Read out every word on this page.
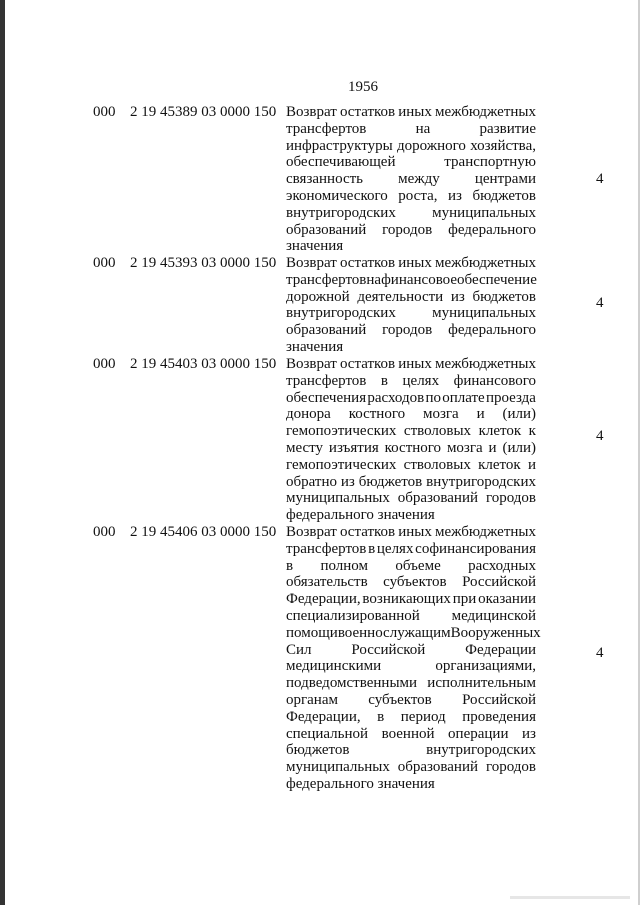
1956
000 2 19 45389 03 0000 150 Возврат остатков иных межбюджетных
трансфертов	на	развитие
инфраструктуры дорожного хозяйства,
обеспечивающей	транспортную
связанность между центрами
экономического роста, из бюджетов
внутригородских муниципальных
образований городов федерального
значения
4
000 2 19 45393 03 0000 150 Возврат остатков иных межбюджетных
трансфертов на финансовое обеспечение
дорожной деятельности из бюджетов
внутригородских муниципальных
образований городов федерального
значения
4
000 2 19 45403 03 0000 150 Возврат остатков иных межбюджетных
трансфертов в целях финансового
обеспечения расходов по оплате проезда
донора костного мозга и (или)
гемопоэтических стволовых клеток к
месту изъятия костного мозга и (или)
гемопоэтических стволовых клеток и
обратно из бюджетов внутригородских
муниципальных образований городов
федерального значения
4
000 2 19 45406 03 0000 150 Возврат остатков иных межбюджетных
трансфертов в целях софинансирования
в полном объеме расходных
обязательств субъектов Российской
Федерации, возникающих при оказании
специализированной медицинской
помощи военнослужащим Вооруженных
Сил	Российской	Федерации
медицинскими	организациями,
подведомственными исполнительным
органам субъектов Российской
Федерации, в период проведения
специальной военной операции из
бюджетов	внутригородских
муниципальных образований городов
федерального значения
4
